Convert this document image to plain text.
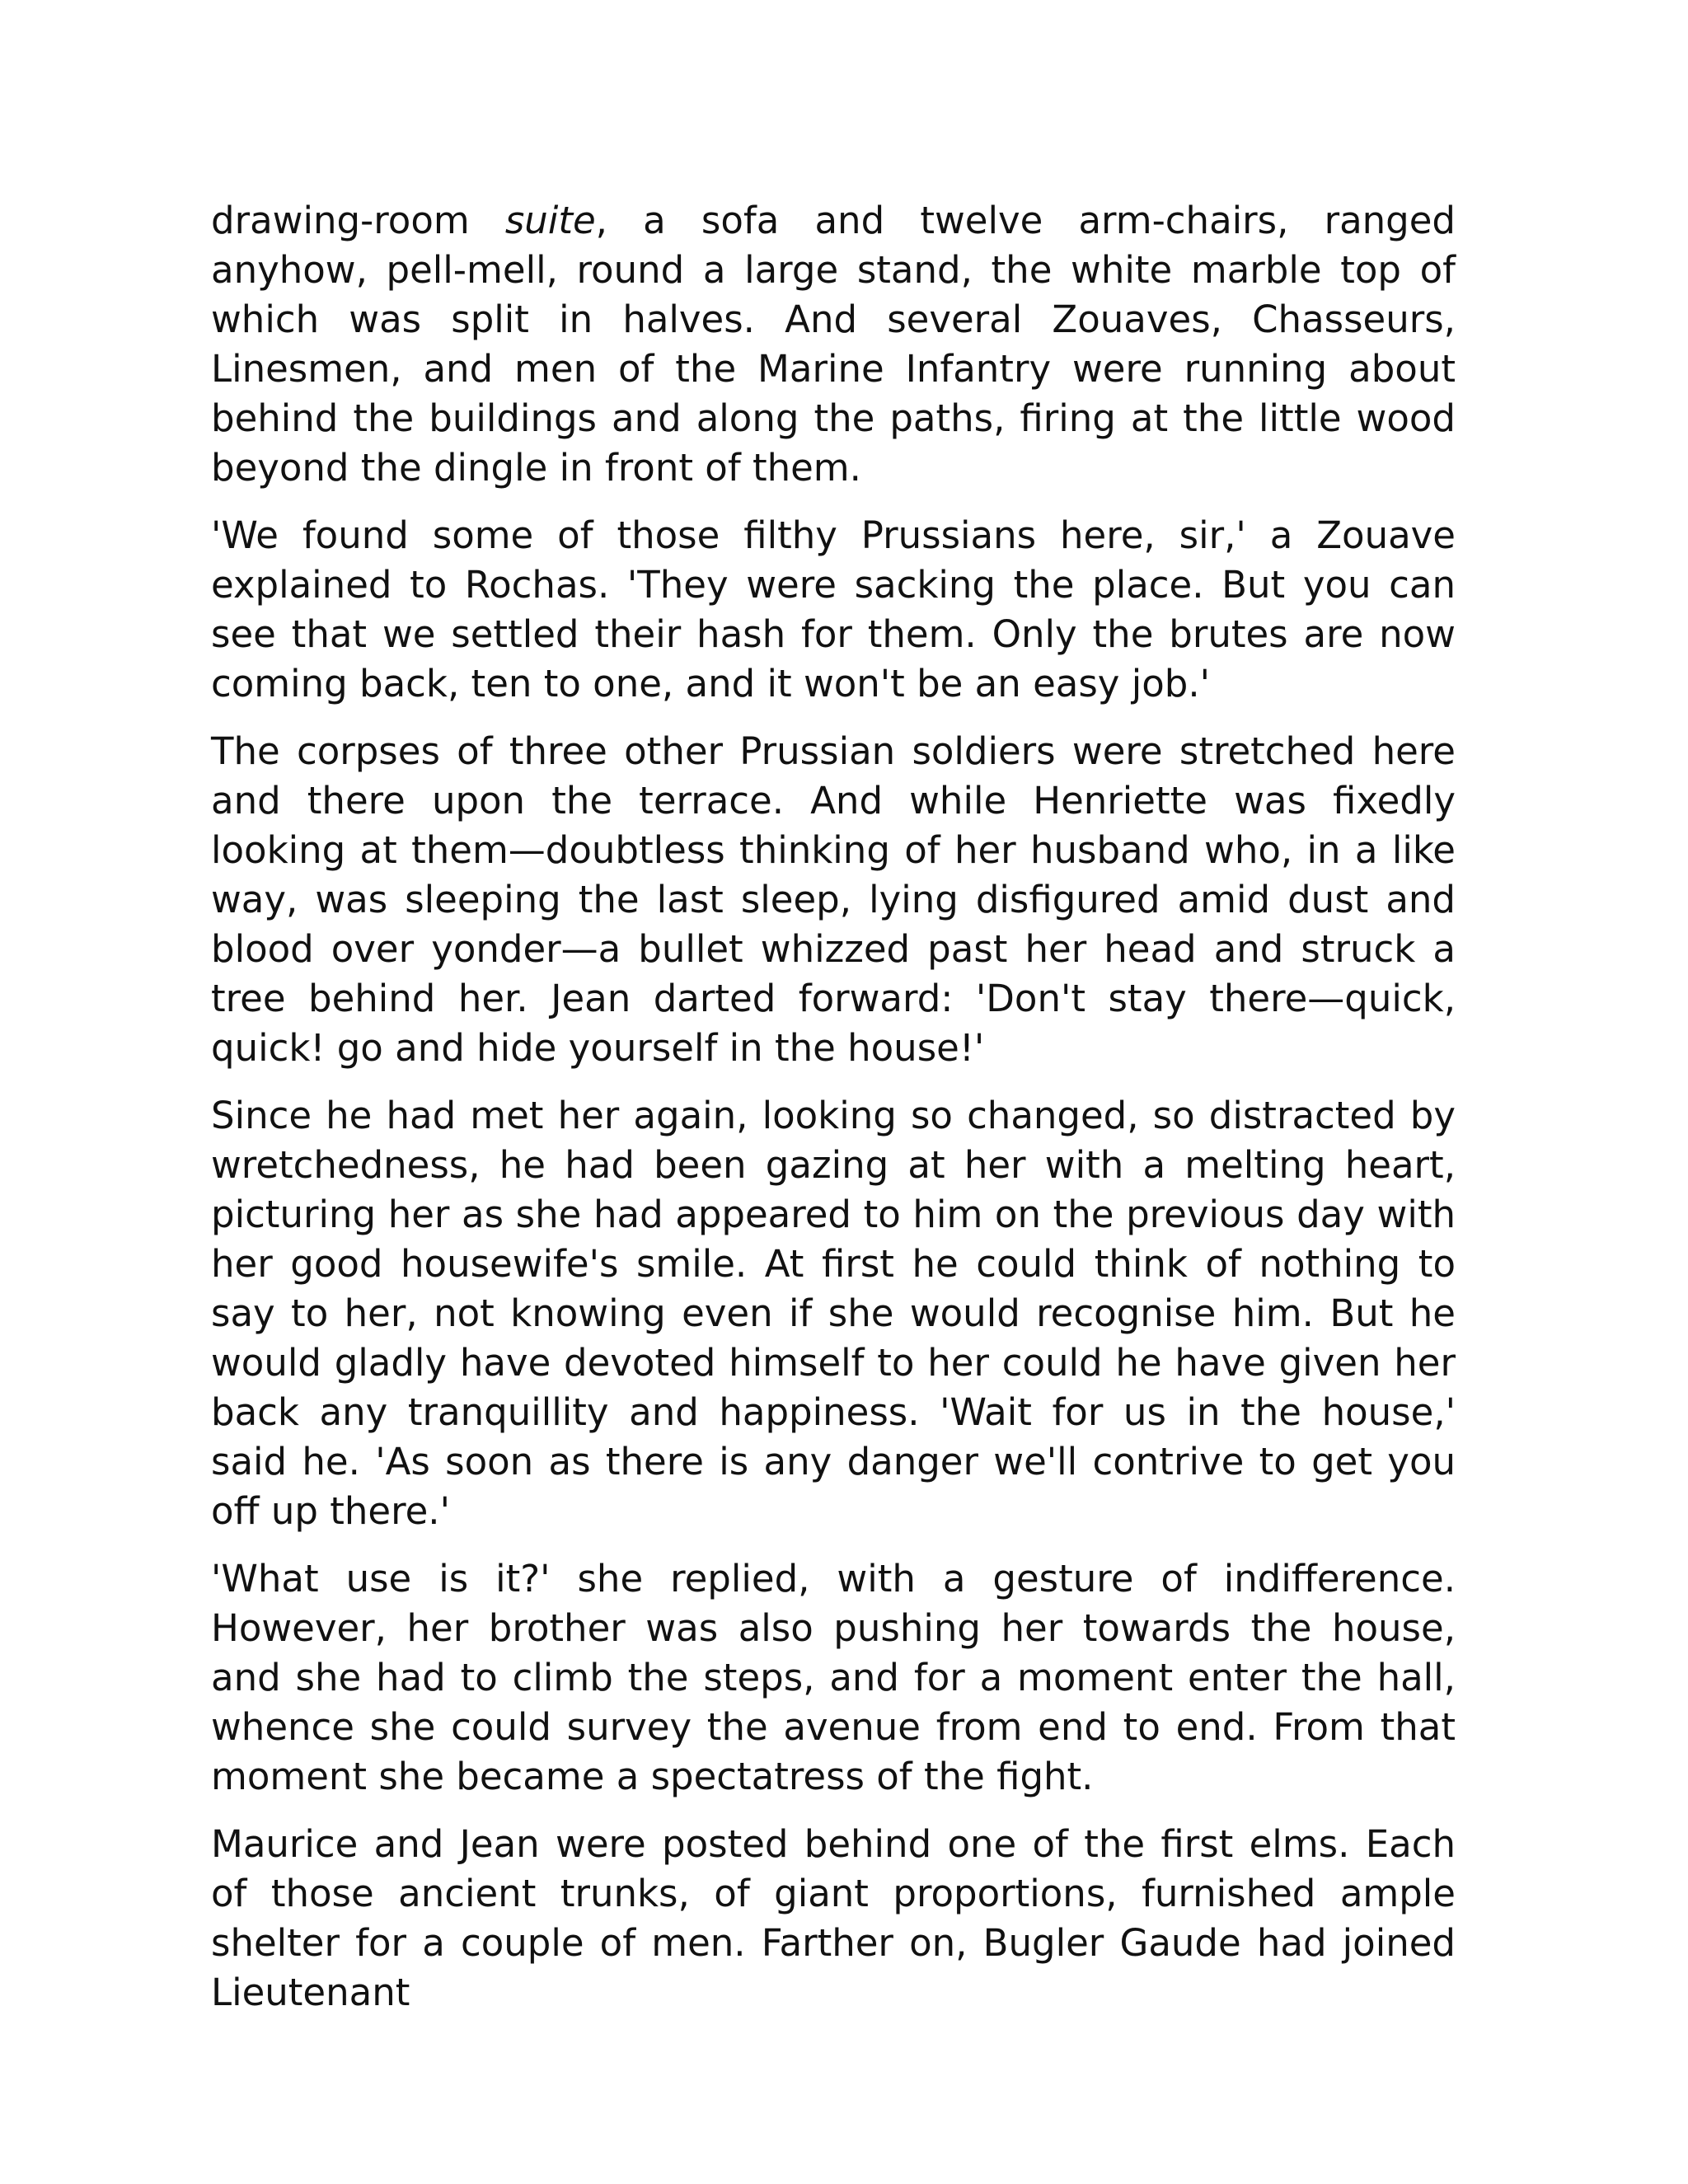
drawing-room suite, a sofa and twelve arm-chairs, ranged anyhow, pell-mell, round a large stand, the white marble top of which was split in halves. And several Zouaves, Chasseurs, Linesmen, and men of the Marine Infantry were running about behind the buildings and along the paths, firing at the little wood beyond the dingle in front of them.

'We found some of those filthy Prussians here, sir,' a Zouave explained to Rochas. 'They were sacking the place. But you can see that we settled their hash for them. Only the brutes are now coming back, ten to one, and it won't be an easy job.'

The corpses of three other Prussian soldiers were stretched here and there upon the terrace. And while Henriette was fixedly looking at them—doubtless thinking of her husband who, in a like way, was sleeping the last sleep, lying disfigured amid dust and blood over yonder—a bullet whizzed past her head and struck a tree behind her. Jean darted forward: 'Don't stay there—quick, quick! go and hide yourself in the house!'

Since he had met her again, looking so changed, so distracted by wretchedness, he had been gazing at her with a melting heart, picturing her as she had appeared to him on the previous day with her good housewife's smile. At first he could think of nothing to say to her, not knowing even if she would recognise him. But he would gladly have devoted himself to her could he have given her back any tranquillity and happiness. 'Wait for us in the house,' said he. 'As soon as there is any danger we'll contrive to get you off up there.'

'What use is it?' she replied, with a gesture of indifference. However, her brother was also pushing her towards the house, and she had to climb the steps, and for a moment enter the hall, whence she could survey the avenue from end to end. From that moment she became a spectatress of the fight.

Maurice and Jean were posted behind one of the first elms. Each of those ancient trunks, of giant proportions, furnished ample shelter for a couple of men. Farther on, Bugler Gaude had joined Lieutenant
